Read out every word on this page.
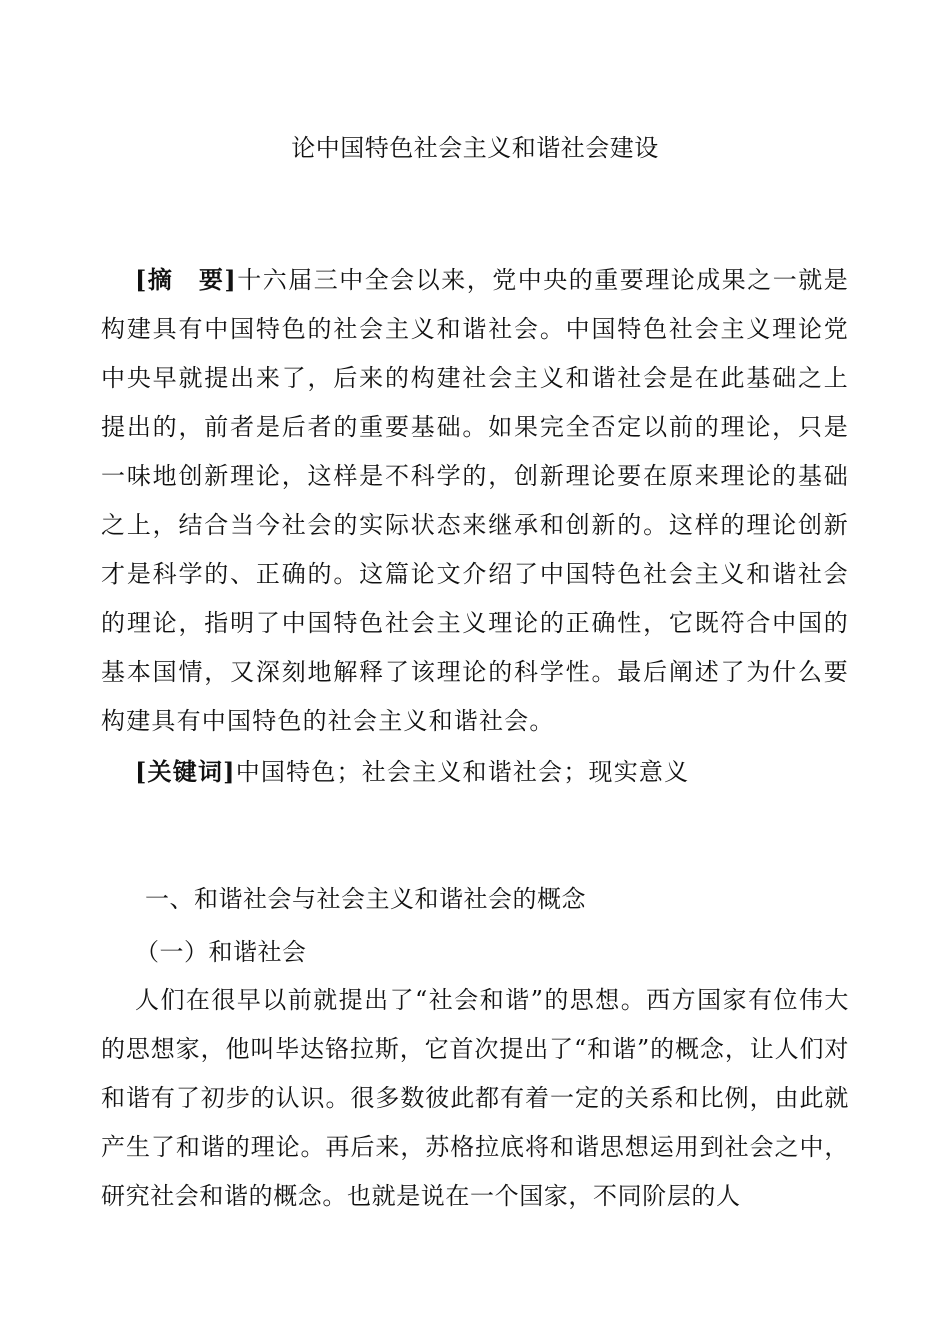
论中国特色社会主义和谐社会建设

[摘　要]十六届三中全会以来，党中央的重要理论成果之一就是构建具有中国特色的社会主义和谐社会。中国特色社会主义理论党中央早就提出来了，后来的构建社会主义和谐社会是在此基础之上提出的，前者是后者的重要基础。如果完全否定以前的理论，只是一味地创新理论，这样是不科学的，创新理论要在原来理论的基础之上，结合当今社会的实际状态来继承和创新的。这样的理论创新才是科学的、正确的。这篇论文介绍了中国特色社会主义和谐社会的理论，指明了中国特色社会主义理论的正确性，它既符合中国的基本国情，又深刻地解释了该理论的科学性。最后阐述了为什么要构建具有中国特色的社会主义和谐社会。

[关键词]中国特色；社会主义和谐社会；现实意义

一、和谐社会与社会主义和谐社会的概念
（一）和谐社会

人们在很早以前就提出了“社会和谐”的思想。西方国家有位伟大的思想家，他叫毕达铬拉斯，它首次提出了“和谐”的概念，让人们对和谐有了初步的认识。很多数彼此都有着一定的关系和比例，由此就产生了和谐的理论。再后来，苏格拉底将和谐思想运用到社会之中，研究社会和谐的概念。也就是说在一个国家，不同阶层的人
